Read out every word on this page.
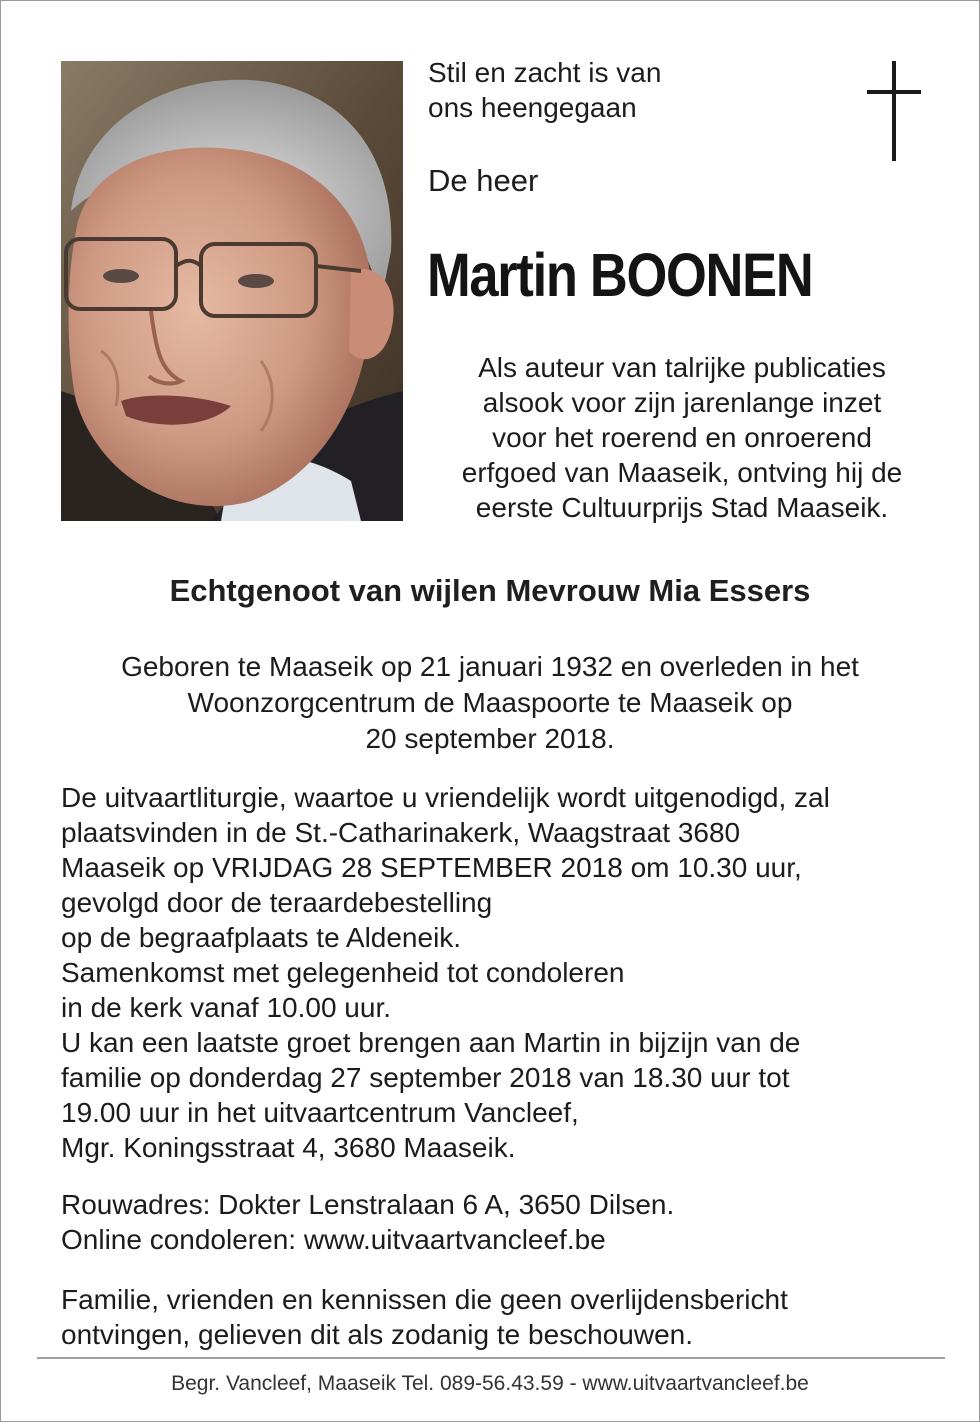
Stil en zacht is van

ons heengegaan

De heer
Martin BOONEN

Als auteur van talrijke publicaties

alsook voor zijn jarenlange inzet

voor het roerend en onroerend

erfgoed van Maaseik, ontving hij de

eerste Cultuurprijs Stad Maaseik.

Echtgenoot van wijlen Mevrouw Mia Essers

Geboren te Maaseik op 21 januari 1932 en overleden in het

Woonzorgcentrum de Maaspoorte te Maaseik op

20 september 2018.

De uitvaartliturgie, waartoe u vriendelijk wordt uitgenodigd, zal

plaatsvinden in de St.-Catharinakerk, Waagstraat 3680

Maaseik op VRIJDAG 28 SEPTEMBER 2018 om 10.30 uur,

gevolgd door de teraardebestelling

op de begraafplaats te Aldeneik.

Samenkomst met gelegenheid tot condoleren

in de kerk vanaf 10.00 uur.

U kan een laatste groet brengen aan Martin in bijzijn van de

familie op donderdag 27 september 2018 van 18.30 uur tot

19.00 uur in het uitvaartcentrum Vancleef,

Mgr. Koningsstraat 4, 3680 Maaseik.

Rouwadres: Dokter Lenstralaan 6 A, 3650 Dilsen.

Online condoleren: www.uitvaartvancleef.be

Familie, vrienden en kennissen die geen overlijdensbericht

ontvingen, gelieven dit als zodanig te beschouwen.

Begr. Vancleef, Maaseik Tel. 089-56.43.59 - www.uitvaartvancleef.be
